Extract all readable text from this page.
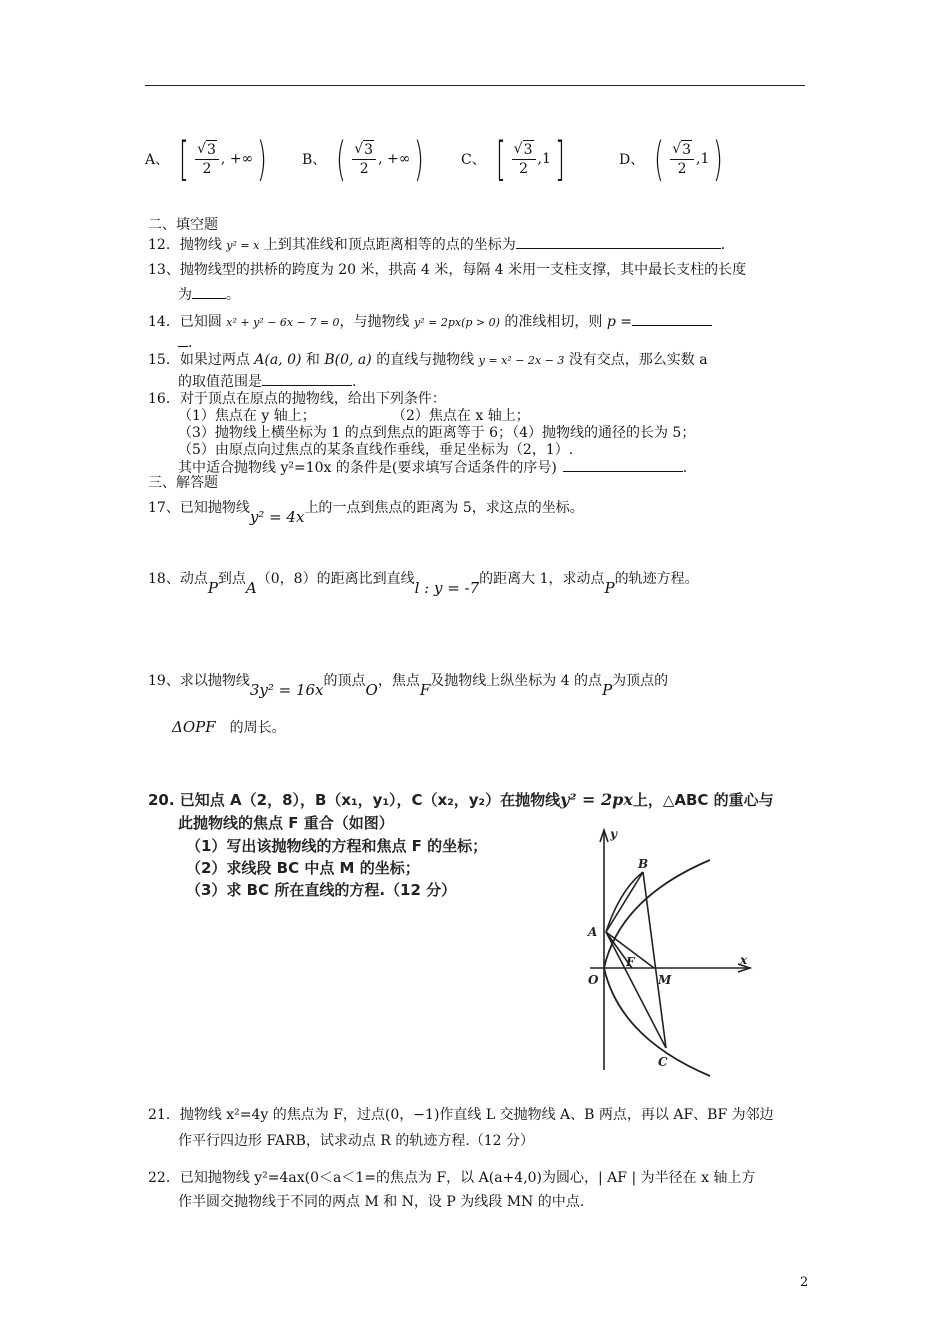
A、 [ $\frac{√ 3}{2}$ , +∞ ) B、 ( $\frac{√ 3}{2}$ , +∞ )	C、 [ $\frac{√ 3}{2} ,1$ ]	D、 ( $\frac{√ 3}{2} ,1$ )
二、填空题
12．抛物线 y² = x 上到其准线和顶点距离相等的点的坐标为	．
13、抛物线型的拱桥的跨度为 20 米，拱高 4 米，每隔 4 米用一支柱支撑，其中最长支柱的长度
为 。
14．已知圆 x² + y² − 6x − 7 = 0，与抛物线 y² = 2px(p > 0) 的准线相切，则 p =
.
15．如果过两点 A(a, 0) 和 B(0, a) 的直线与抛物线 y = x² − 2x − 3 没有交点，那么实数 a
的取值范围是	.
16．对于顶点在原点的抛物线，给出下列条件：
（1）焦点在 y 轴上；	（2）焦点在 x 轴上；
（3）抛物线上横坐标为 1 的点到焦点的距离等于 6；（4）抛物线的通径的长为 5；
（5）由原点向过焦点的某条直线作垂线，垂足坐标为（2，1）.
其中适合抛物线 y²=10x 的条件是(要求填写合适条件的序号)	.
三、解答题
17、已知抛物线y² = 4x上的一点到焦点的距离为 5，求这点的坐标。
18、动点P到点A（0，8）的距离比到直线l : y = -7的距离大 1，求动点P的轨迹方程。
19、求以抛物线3y² = 16x的顶点O，焦点F及抛物线上纵坐标为 4 的点P为顶点的
ΔOPF 的周长。
20. 已知点 A（2，8），B（x₁，y₁），C（x₂，y₂）在抛物线y² = 2px上，△ABC 的重心与
此抛物线的焦点 F 重合（如图）
（1）写出该抛物线的方程和焦点 F 的坐标；
（2）求线段 BC 中点 M 的坐标；
（3）求 BC 所在直线的方程.（12 分）
y
x
O
A
B
C
F
M
21．抛物线 x²=4y 的焦点为 F，过点(0，−1)作直线 L 交抛物线 A、B 两点，再以 AF、BF 为邻边
作平行四边形 FARB，试求动点 R 的轨迹方程.（12 分）
22．已知抛物线 y²=4ax(0＜a＜1=的焦点为 F，以 A(a+4,0)为圆心，| AF | 为半径在 x 轴上方
作半圆交抛物线于不同的两点 M 和 N，设 P 为线段 MN 的中点.
2
